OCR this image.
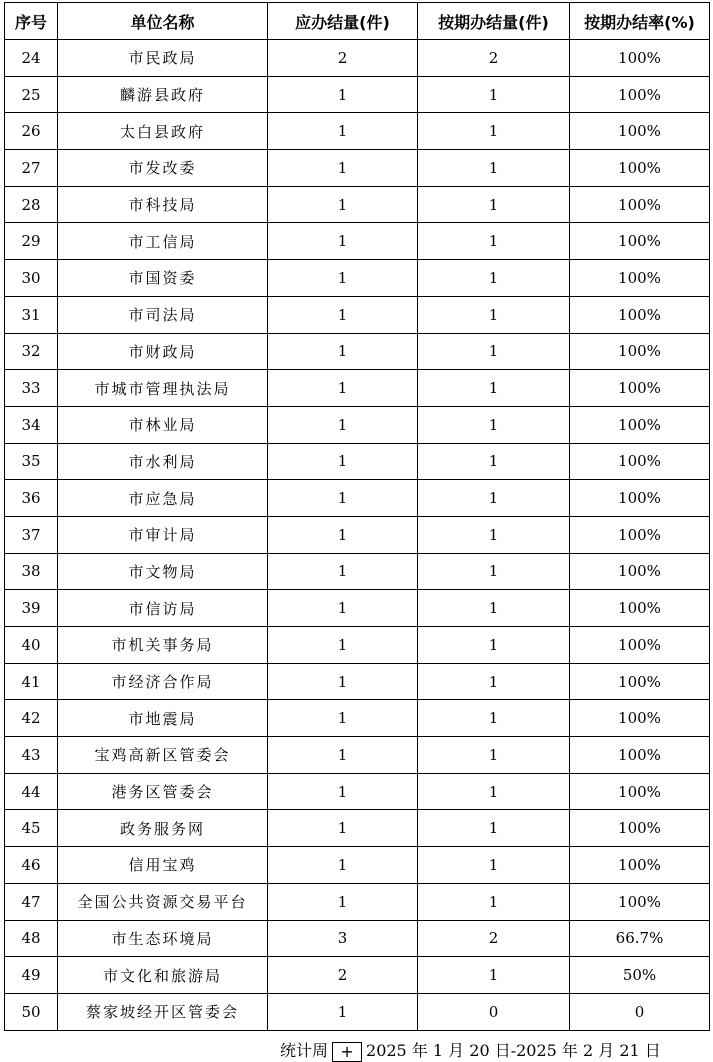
序号	单位名称	应办结量(件)	按期办结量(件)	按期办结率(%)
24	市民政局	2	2	100%
25	麟游县政府	1	1	100%
26	太白县政府	1	1	100%
27	市发改委	1	1	100%
28	市科技局	1	1	100%
29	市工信局	1	1	100%
30	市国资委	1	1	100%
31	市司法局	1	1	100%
32	市财政局	1	1	100%
33	市城市管理执法局	1	1	100%
34	市林业局	1	1	100%
35	市水利局	1	1	100%
36	市应急局	1	1	100%
37	市审计局	1	1	100%
38	市文物局	1	1	100%
39	市信访局	1	1	100%
40	市机关事务局	1	1	100%
41	市经济合作局	1	1	100%
42	市地震局	1	1	100%
43	宝鸡高新区管委会	1	1	100%
44	港务区管委会	1	1	100%
45	政务服务网	1	1	100%
46	信用宝鸡	1	1	100%
47	全国公共资源交易平台	1	1	100%
48	市生态环境局	3	2	66.7%
49	市文化和旅游局	2	1	50%
50	蔡家坡经开区管委会	1	0	0
统计周 + 2025 年 1 月 20 日-2025 年 2 月 21 日
